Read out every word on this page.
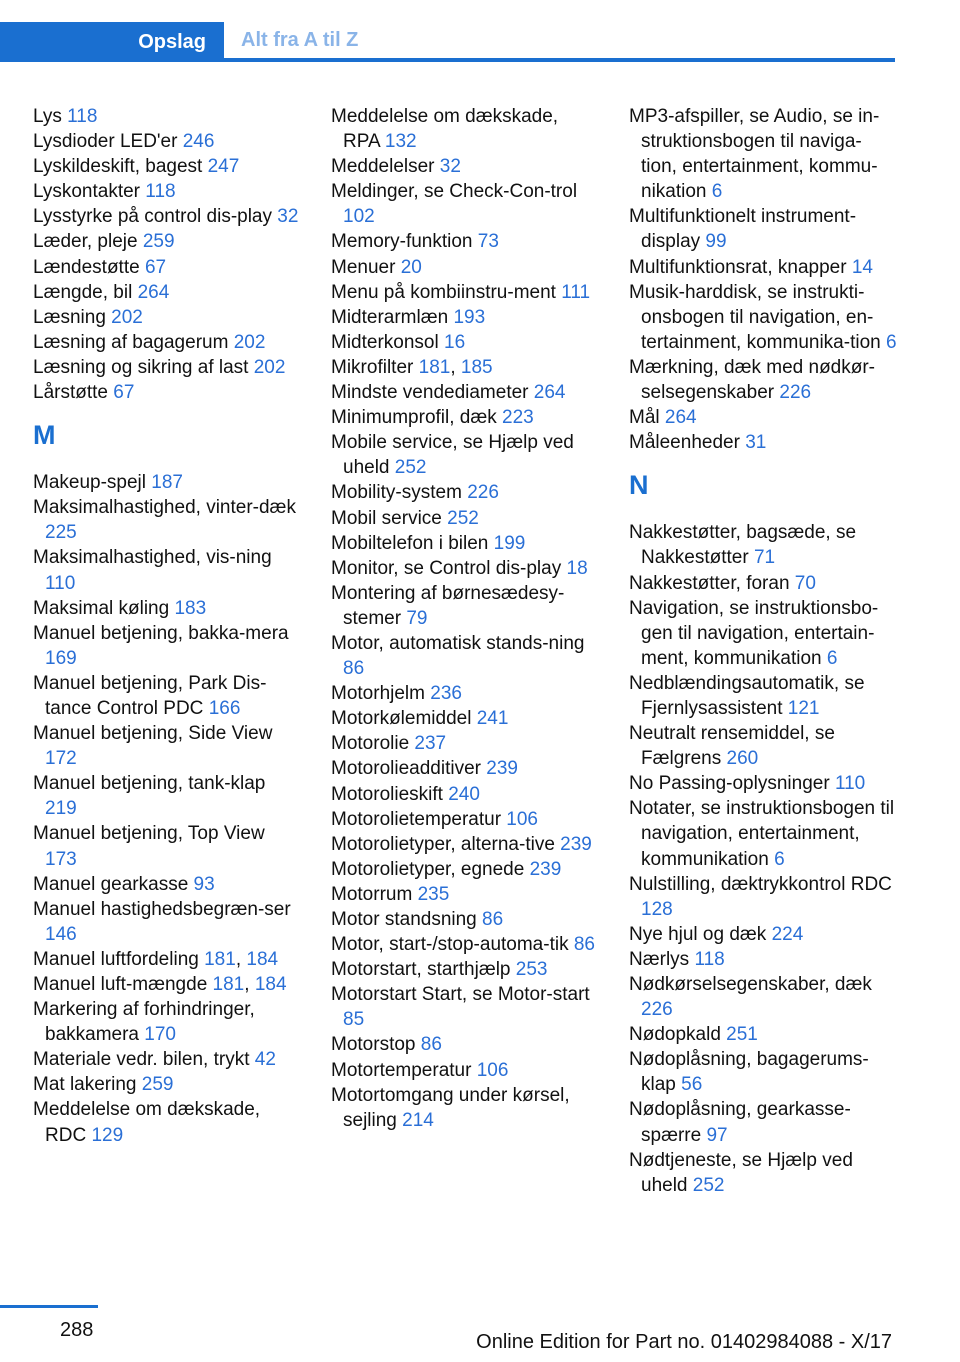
Opslag Alt fra A til Z
Lys 118
Lysdioder LED'er 246
Lyskildeskift, bagest 247
Lyskontakter 118
Lysstyrke på control dis-play 32
Læder, pleje 259
Lændestøtte 67
Længde, bil 264
Læsning 202
Læsning af bagagerum 202
Læsning og sikring af last 202
Lårstøtte 67
M
Makeup-spejl 187
Maksimalhastighed, vinter-dæk 225
Maksimalhastighed, vis-ning 110
Maksimal køling 183
Manuel betjening, bakka-mera 169
Manuel betjening, Park Dis-tance Control PDC 166
Manuel betjening, Side View 172
Manuel betjening, tank-klap 219
Manuel betjening, Top View 173
Manuel gearkasse 93
Manuel hastighedsbegræn-ser 146
Manuel luftfordeling 181, 184
Manuel luft-mængde 181, 184
Markering af forhindringer, bakkamera 170
Materiale vedr. bilen, trykt 42
Mat lakering 259
Meddelelse om dækskade, RDC 129
Meddelelse om dækskade, RPA 132
Meddelelser 32
Meldinger, se Check-Con-trol 102
Memory-funktion 73
Menuer 20
Menu på kombiinstru-ment 111
Midterarmlæn 193
Midterkonsol 16
Mikrofilter 181, 185
Mindste vendediameter 264
Minimumprofil, dæk 223
Mobile service, se Hjælp ved uheld 252
Mobility-system 226
Mobil service 252
Mobiltelefon i bilen 199
Monitor, se Control dis-play 18
Montering af børnesædesy-stemer 79
Motor, automatisk stands-ning 86
Motorhjelm 236
Motorkølemiddel 241
Motorolie 237
Motorolieadditiver 239
Motorolieskift 240
Motorolietemperatur 106
Motorolietyper, alterna-tive 239
Motorolietyper, egnede 239
Motorrum 235
Motor standsning 86
Motor, start-/stop-automa-tik 86
Motorstart, starthjælp 253
Motorstart Start, se Motor-start 85
Motorstop 86
Motortemperatur 106
Motortomgang under kørsel, sejling 214
MP3-afspiller, se Audio, se in-struktionsbogen til naviga-tion, entertainment, kommu-nikation 6
Multifunktionelt instrument-display 99
Multifunktionsrat, knapper 14
Musik-harddisk, se instrukti-onsbogen til navigation, en-tertainment, kommunika-tion 6
Mærkning, dæk med nødkør-selsegenskaber 226
Mål 264
Måleenheder 31
N
Nakkestøtter, bagsæde, se Nakkestøtter 71
Nakkestøtter, foran 70
Navigation, se instruktionsbo-gen til navigation, entertain-ment, kommunikation 6
Nedblændingsautomatik, se Fjernlysassistent 121
Neutralt rensemiddel, se Fælgrens 260
No Passing-oplysninger 110
Notater, se instruktionsbogen til navigation, entertainment, kommunikation 6
Nulstilling, dæktrykkontrol RDC 128
Nye hjul og dæk 224
Nærlys 118
Nødkørselsegenskaber, dæk 226
Nødopkald 251
Nødoplåsning, bagagerums-klap 56
Nødoplåsning, gearkasse-spærre 97
Nødtjeneste, se Hjælp ved uheld 252
288
Online Edition for Part no. 01402984088 - X/17
